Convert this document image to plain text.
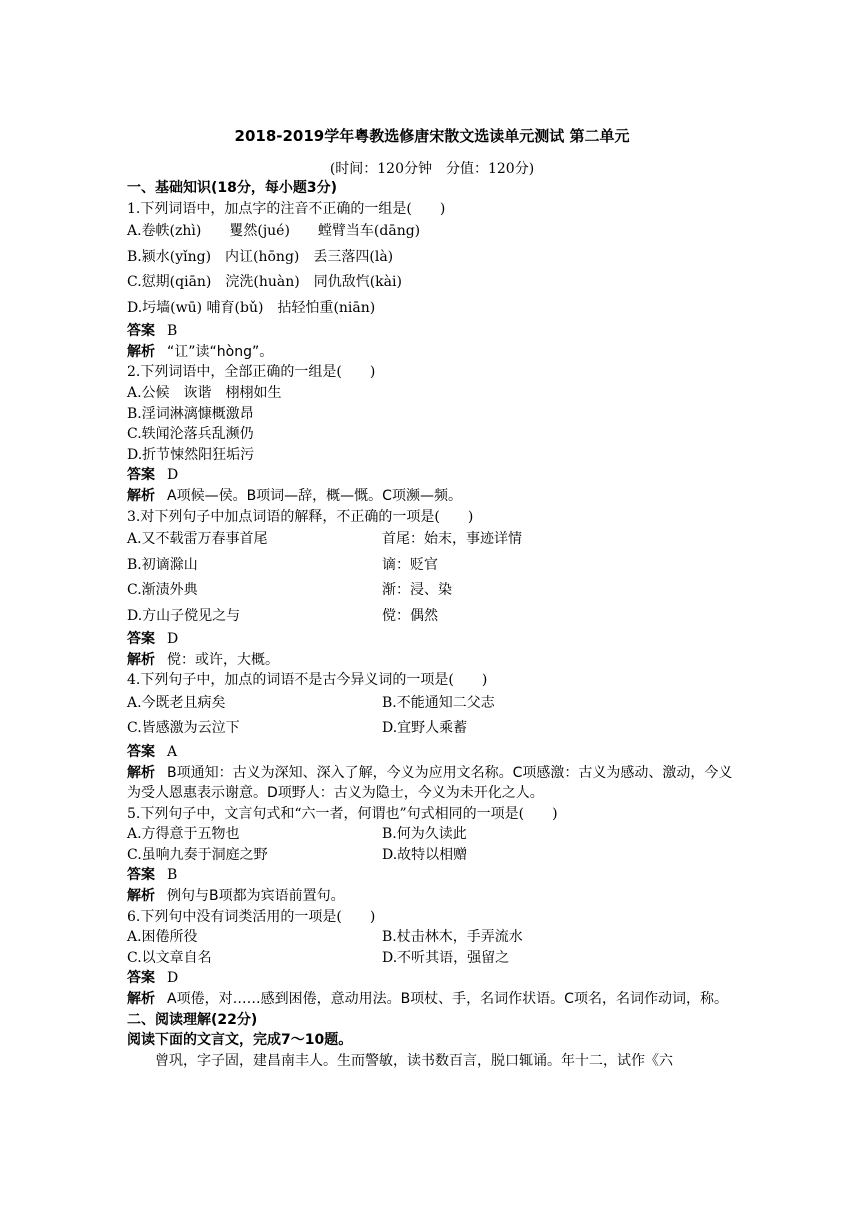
2018-2019学年粤教选修唐宋散文选读单元测试 第二单元
(时间：120分钟　分值：120分)
一、基础知识(18分，每小题3分)
1.下列词语中，加点字的注音不正确的一组是(　　)
A.卷帙(zhì)　　矍然(jué)　　螳臂当车(dāng)
B.颍水(yǐng)　内讧(hōng)　丢三落四(là)
C.愆期(qiān)　浣洗(huàn)　同仇敌忾(kài)
D.圬墙(wū) 哺育(bǔ)　拈轻怕重(niān)
答案 B
解析 “讧”读“hòng”。
2.下列词语中，全部正确的一组是(　　)
A.公候　诙谐　栩栩如生
B.淫词淋漓慷概激昂
C.轶闻沦落兵乱濒仍
D.折节悚然阳狂垢污
答案 D
解析 A项候—侯。B项词—辞，概—慨。C项濒—频。
3.对下列句子中加点词语的解释，不正确的一项是(　　)
A.又不载雷万春事首尾	首尾：始末，事迹详情
B.初谪滁山	谪：贬官
C.渐渍外典	渐：浸、染
D.方山子傥见之与	傥：偶然
答案 D
解析 傥：或许，大概。
4.下列句子中，加点的词语不是古今异义词的一项是(　　)
A.今既老且病矣	B.不能通知二父志
C.皆感激为云泣下	D.宜野人乘蓄
答案 A
解析 B项通知：古义为深知、深入了解，今义为应用文名称。C项感激：古义为感动、激动，今义为受人恩惠表示谢意。D项野人：古义为隐士，今义为未开化之人。
5.下列句子中，文言句式和“六一者，何谓也”句式相同的一项是(　　)
A.方得意于五物也	B.何为久读此
C.虽响九奏于洞庭之野	D.故特以相赠
答案 B
解析 例句与B项都为宾语前置句。
6.下列句中没有词类活用的一项是(　　)
A.困倦所役	B.杖击林木，手弄流水
C.以文章自名	D.不听其语，强留之
答案 D
解析 A项倦，对……感到困倦，意动用法。B项杖、手，名词作状语。C项名，名词作动词，称。
二、阅读理解(22分)
阅读下面的文言文，完成7～10题。
曾巩，字子固，建昌南丰人。生而警敏，读书数百言，脱口辄诵。年十二，试作《六
